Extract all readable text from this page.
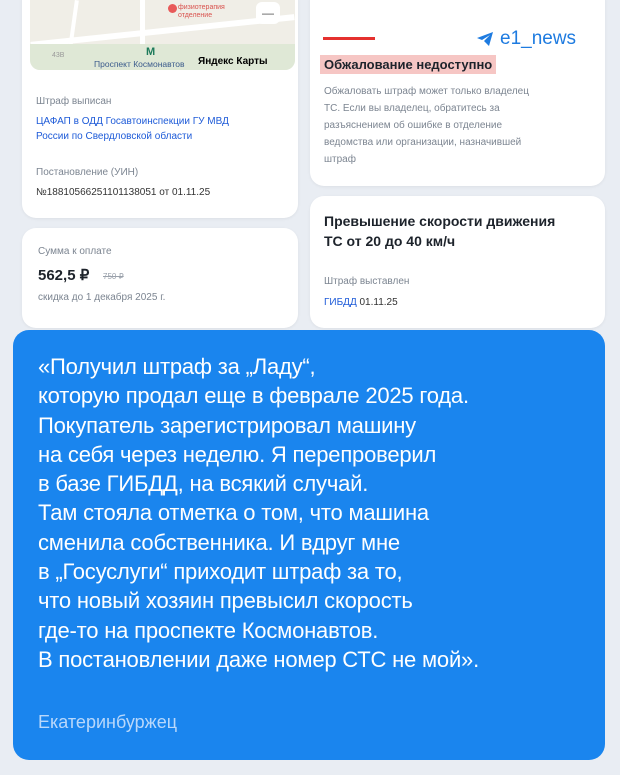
43В
физиотерапия отделение	—
M
Проспект Космонавтов Яндекс Карты
Штраф выписан
ЦАФАП в ОДД Госавтоинспекции ГУ МВД
России по Свердловской области
Постановление (УИН)
№18810566251101138051 от 01.11.25
Сумма к оплате
562,5 ₽ 750 ₽
скидка до 1 декабря 2025 г.
Обжалование недоступно
Обжаловать штраф может только владелец
ТС. Если вы владелец, обратитесь за
разъяснением об ошибке в отделение
ведомства или организации, назначившей
штраф
e1_news
Превышение скорости движения
ТС от 20 до 40 км/ч
Штраф выставлен
ГИБДД 01.11.25
«Получил штраф за „Ладу“,
которую продал еще в феврале 2025 года.
Покупатель зарегистрировал машину
на себя через неделю. Я перепроверил
в базе ГИБДД, на всякий случай.
Там стояла отметка о том, что машина
сменила собственника. И вдруг мне
в „Госуслуги“ приходит штраф за то,
что новый хозяин превысил скорость
где-то на проспекте Космонавтов.
В постановлении даже номер СТС не мой».
Екатеринбуржец
